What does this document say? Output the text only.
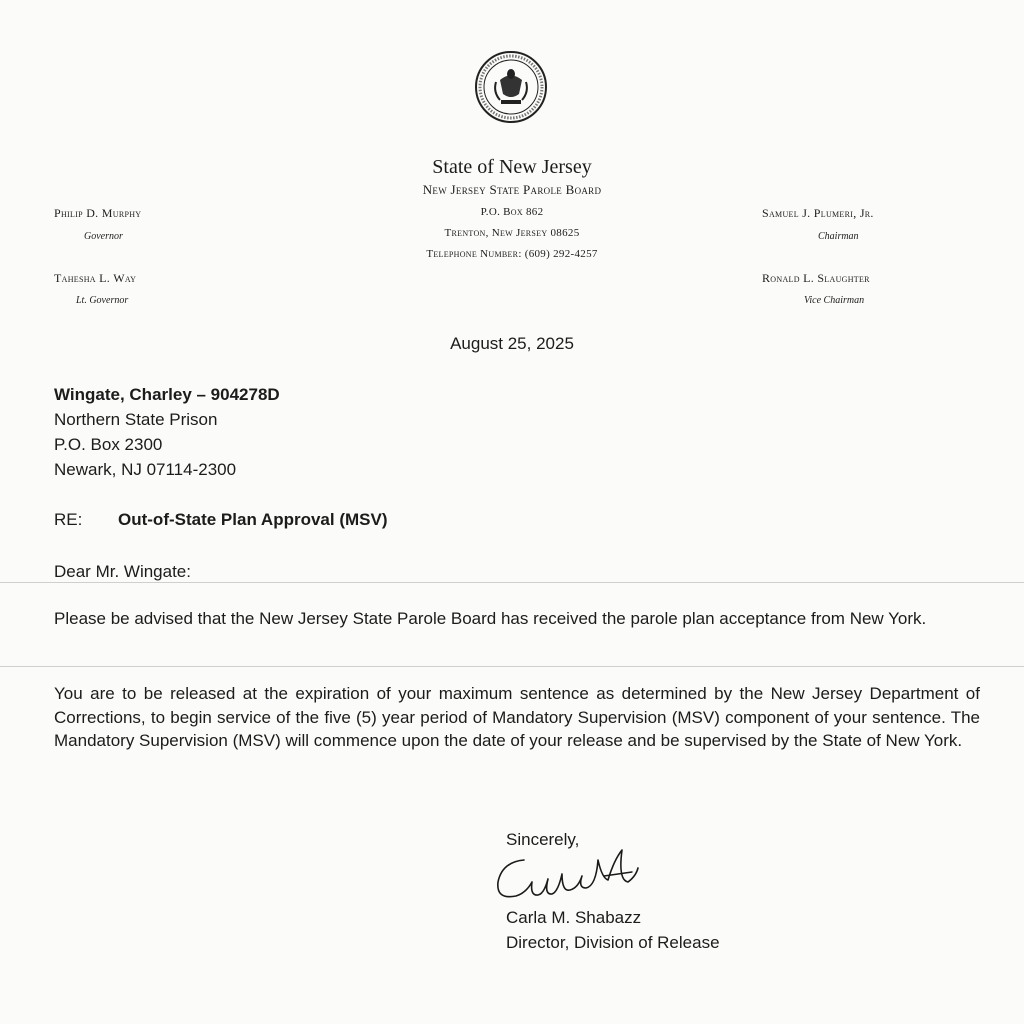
State of New Jersey
New Jersey State Parole Board
P.O. Box 862
Trenton, New Jersey 08625
Telephone Number: (609) 292-4257
Philip D. Murphy
Governor
Tahesha L. Way
Lt. Governor
Samuel J. Plumeri, Jr.
Chairman
Ronald L. Slaughter
Vice Chairman
August 25, 2025
Wingate, Charley – 904278D
Northern State Prison
P.O. Box 2300
Newark, NJ 07114-2300
RE: Out-of-State Plan Approval (MSV)
Dear Mr. Wingate:
Please be advised that the New Jersey State Parole Board has received the parole plan acceptance from New York.
You are to be released at the expiration of your maximum sentence as determined by the New Jersey Department of Corrections, to begin service of the five (5) year period of Mandatory Supervision (MSV) component of your sentence. The Mandatory Supervision (MSV) will commence upon the date of your release and be supervised by the State of New York.
Sincerely,
Carla M. Shabazz
Director, Division of Release
